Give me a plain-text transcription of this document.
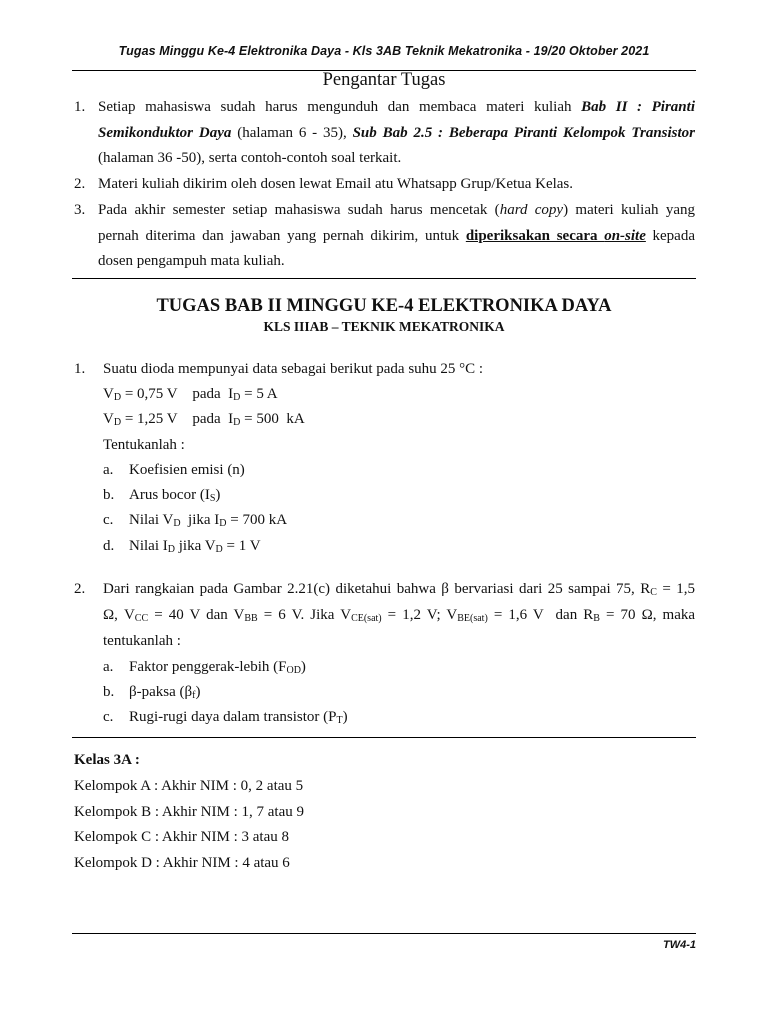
Tugas Minggu Ke-4 Elektronika Daya - Kls 3AB Teknik Mekatronika - 19/20 Oktober 2021
Pengantar Tugas
1. Setiap mahasiswa sudah harus mengunduh dan membaca materi kuliah Bab II : Piranti
Semikonduktor Daya (halaman 6 - 35), Sub Bab 2.5 : Beberapa Piranti Kelompok Transistor
(halaman 36 -50), serta contoh-contoh soal terkait.
2. Materi kuliah dikirim oleh dosen lewat Email atu Whatsapp Grup/Ketua Kelas.
3. Pada akhir semester setiap mahasiswa sudah harus mencetak (hard copy) materi kuliah yang
pernah diterima dan jawaban yang pernah dikirim, untuk diperiksakan secara on-site kepada
dosen pengampuh mata kuliah.
TUGAS BAB II MINGGU KE-4 ELEKTRONIKA DAYA
KLS IIIAB – TEKNIK MEKATRONIKA
1. Suatu dioda mempunyai data sebagai berikut pada suhu 25 °C :
$V_D = 0,75$ V    pada  $I_D = 5$ A
$V_D = 1,25$ V    pada  $I_D = 500$  kA
Tentukanlah :
a. Koefisien emisi (n)
b. Arus bocor $(I_S)$
c. Nilai $V_D$  jika $I_D = 700$ kA
d. Nilai $I_D$ jika $V_D = 1$ V
2. Dari rangkaian pada Gambar 2.21(c) diketahui bahwa β bervariasi dari 25 sampai 75, $R_C = 1,5$
Ω, $V_{CC} = 40$ V dan $V_{BB} = 6$ V. Jika $V_{CE(sat)} = 1,2$ V; $V_{BE(sat)} = 1,6$ V  dan $R_B = 70$ Ω, maka
tentukanlah :
a. Faktor penggerak-lebih $(F_{OD})$
b. β-paksa $(\beta_f)$
c. Rugi-rugi daya dalam transistor $(P_T)$
Kelas 3A :
Kelompok A : Akhir NIM : 0, 2 atau 5
Kelompok B : Akhir NIM : 1, 7 atau 9
Kelompok C : Akhir NIM : 3 atau 8
Kelompok D : Akhir NIM : 4 atau 6
TW4-1
